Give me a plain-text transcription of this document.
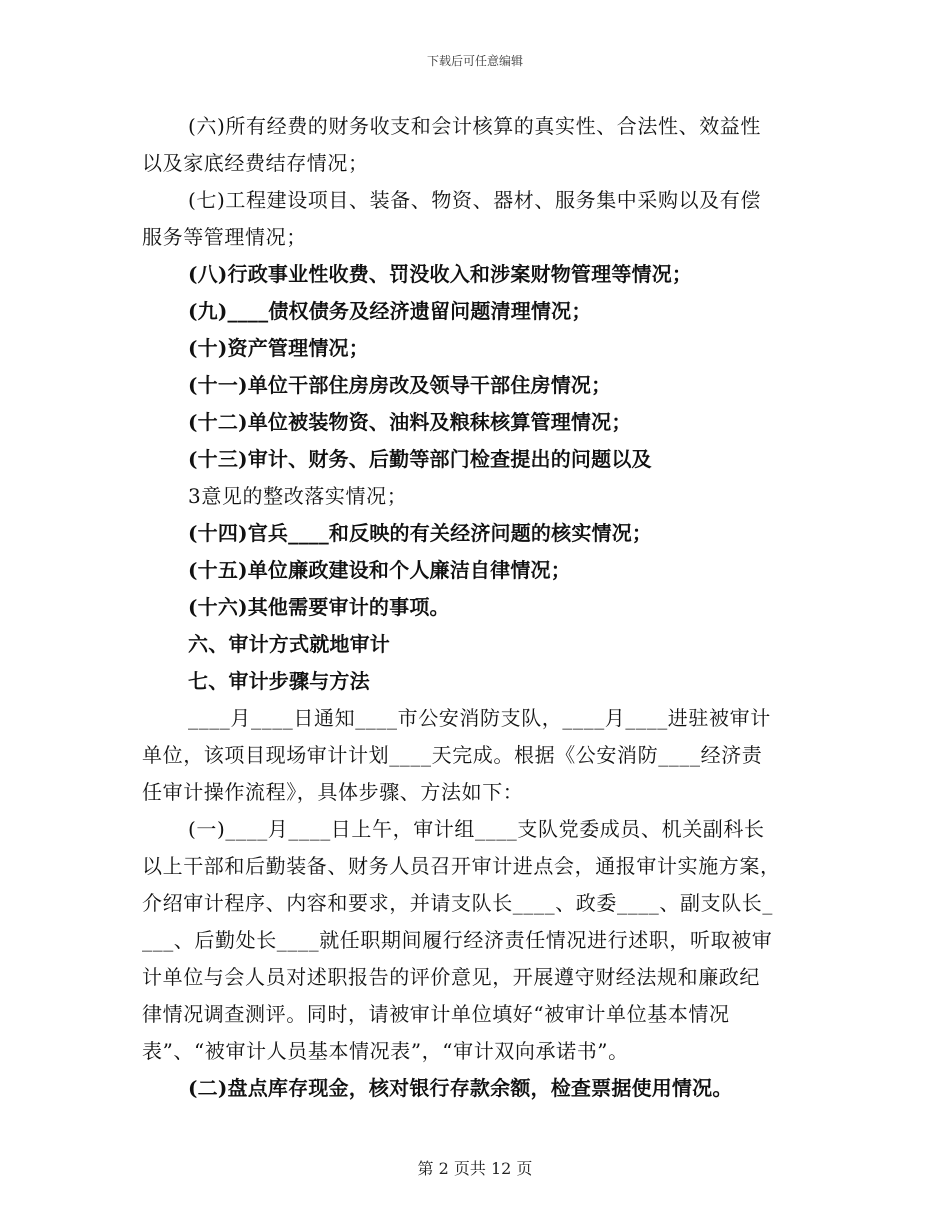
下载后可任意编辑
(六)所有经费的财务收支和会计核算的真实性、合法性、效益性
以及家底经费结存情况；
(七)工程建设项目、装备、物资、器材、服务集中采购以及有偿
服务等管理情况；
(八)行政事业性收费、罚没收入和涉案财物管理等情况；
(九)____债权债务及经济遗留问题清理情况；
(十)资产管理情况；
(十一)单位干部住房房改及领导干部住房情况；
(十二)单位被装物资、油料及粮秣核算管理情况；
(十三)审计、财务、后勤等部门检查提出的问题以及
3意见的整改落实情况；
(十四)官兵____和反映的有关经济问题的核实情况；
(十五)单位廉政建设和个人廉洁自律情况；
(十六)其他需要审计的事项。
六、审计方式就地审计
七、审计步骤与方法
____月____日通知____市公安消防支队，____月____进驻被审计
单位，该项目现场审计计划____天完成。根据《公安消防____经济责
任审计操作流程》，具体步骤、方法如下：
(一)____月____日上午，审计组____支队党委成员、机关副科长
以上干部和后勤装备、财务人员召开审计进点会，通报审计实施方案，
介绍审计程序、内容和要求，并请支队长____、政委____、副支队长_
___、后勤处长____就任职期间履行经济责任情况进行述职，听取被审
计单位与会人员对述职报告的评价意见，开展遵守财经法规和廉政纪
律情况调查测评。同时，请被审计单位填好“被审计单位基本情况
表”、“被审计人员基本情况表”，“审计双向承诺书”。
(二)盘点库存现金，核对银行存款余额，检查票据使用情况。
第 2 页共 12 页
